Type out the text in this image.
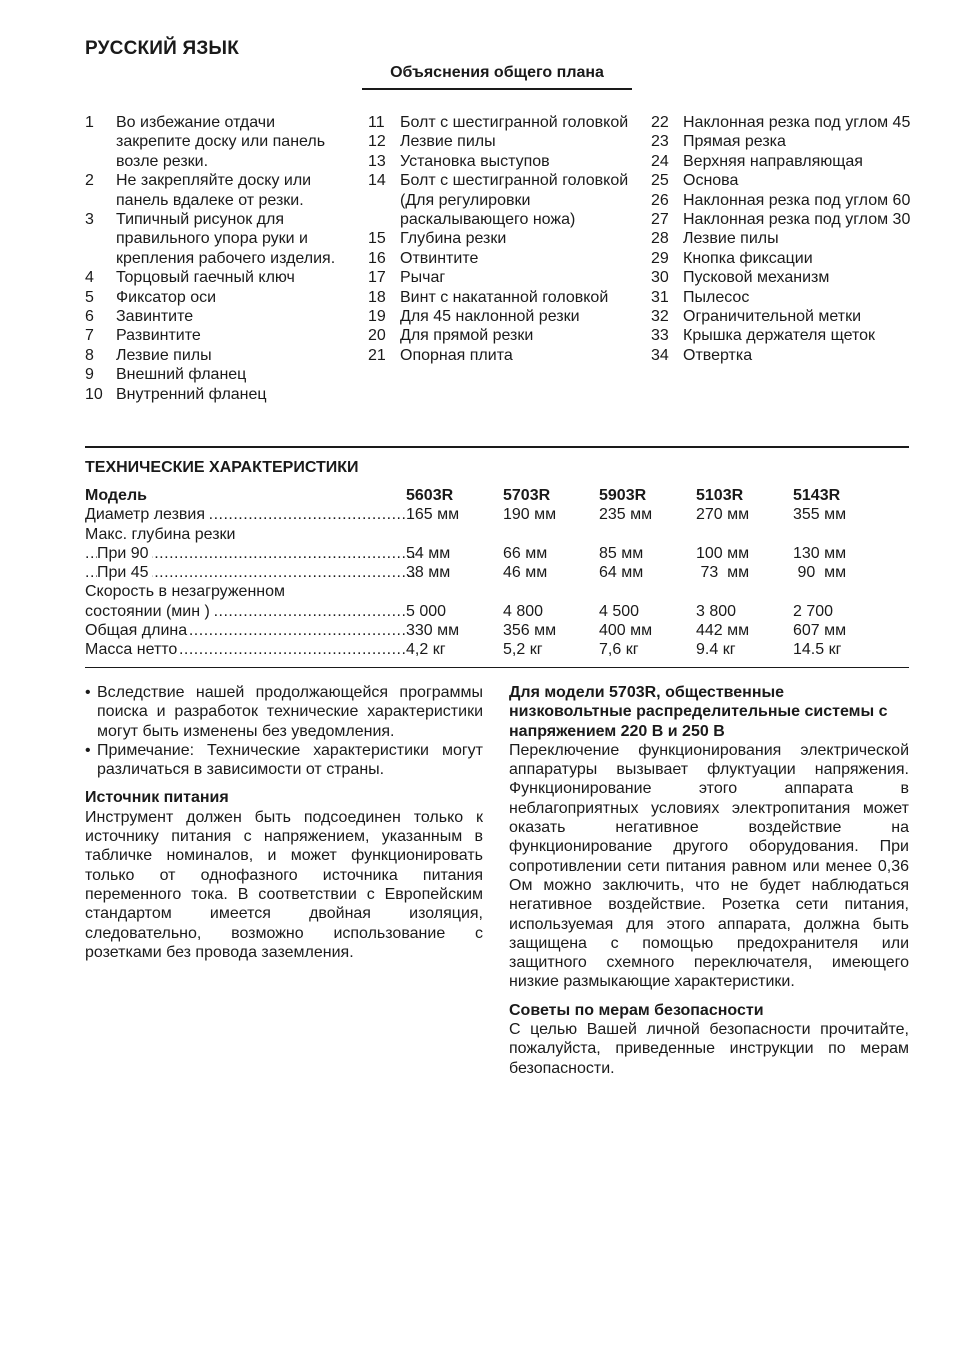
РУССКИЙ ЯЗЫК
Объяснения общего плана
1	Во избежание отдачи закрепите доску или панель возле резки.
2	Не закрепляйте доску или панель вдалеке от резки.
3	Типичный рисунок для правильного упора руки и крепления рабочего изделия.
4	Торцовый гаечный ключ
5	Фиксатор оси
6	Завинтите
7	Развинтите
8	Лезвие пилы
9	Внешний фланец
10 Внутренний фланец
11 Болт с шестигранной головкой
12 Лезвие пилы
13 Установка выступов
14 Болт с шестигранной головкой
(Для регулировки раскалывающего ножа)
15 Глубина резки
16 Отвинтите
17 Рычаг
18 Винт с накатанной головкой
19 Для 45 наклонной резки
20 Для прямой резки
21 Опорная плита
22 Наклонная резка под углом 45
23 Прямая резка
24 Верхняя направляющая
25 Основа
26 Наклонная резка под углом 60
27 Наклонная резка под углом 30
28 Лезвие пилы
29 Кнопка фиксации
30 Пусковой механизм
31 Пылесос
32 Ограничительной метки
33 Крышка держателя щеток
34 Отвертка
ТЕХНИЧЕСКИЕ ХАРАКТЕРИСТИКИ
Модель	5603R	5703R	5903R	5103R	5143R
Диаметр лезвия .....	165 мм	190 мм	235 мм	270 мм	355 мм
Макс. глубина резки
При 90 .....	54 мм	66 мм	85 мм	100 мм	130 мм
При 45 .....	38 мм	46 мм	64 мм	73  мм	90  мм
Скорость в незагруженном
состоянии (мин ) .....	5 000	4 800	4 500	3 800	2 700
Общая длина .....	330 мм	356 мм	400 мм	442 мм	607 мм
Масса нетто .....	4,2 кг	5,2 кг	7,6 кг	9.4 кг	14.5 кг
• Вследствие нашей продолжающейся программы поиска и разработок технические характеристики могут быть изменены без уведомления.
• Примечание: Технические характеристики могут различаться в зависимости от страны.
Источник питания
Инструмент должен быть подсоединен только к источнику питания с напряжением, указанным в табличке номиналов, и может функционировать только от однофазного источника питания переменного тока. В соответствии с Европейским стандартом имеется двойная изоляция, следовательно, возможно использование с розетками без провода заземления.
Для модели 5703R, общественные низковольтные распределительные системы с напряжением 220 В и 250 В
Переключение функционирования электрической аппаратуры вызывает флуктуации напряжения. Функционирование этого аппарата в неблагоприятных условиях электропитания может оказать негативное воздействие на функционирование другого оборудования. При сопротивлении сети питания равном или менее 0,36 Ом можно заключить, что не будет наблюдаться негативное воздействие. Розетка сети питания, используемая для этого аппарата, должна быть защищена с помощью предохранителя или защитного схемного переключателя, имеющего низкие размыкающие характеристики.
Советы по мерам безопасности
С целью Вашей личной безопасности прочитайте, пожалуйста, приведенные инструкции по мерам безопасности.
